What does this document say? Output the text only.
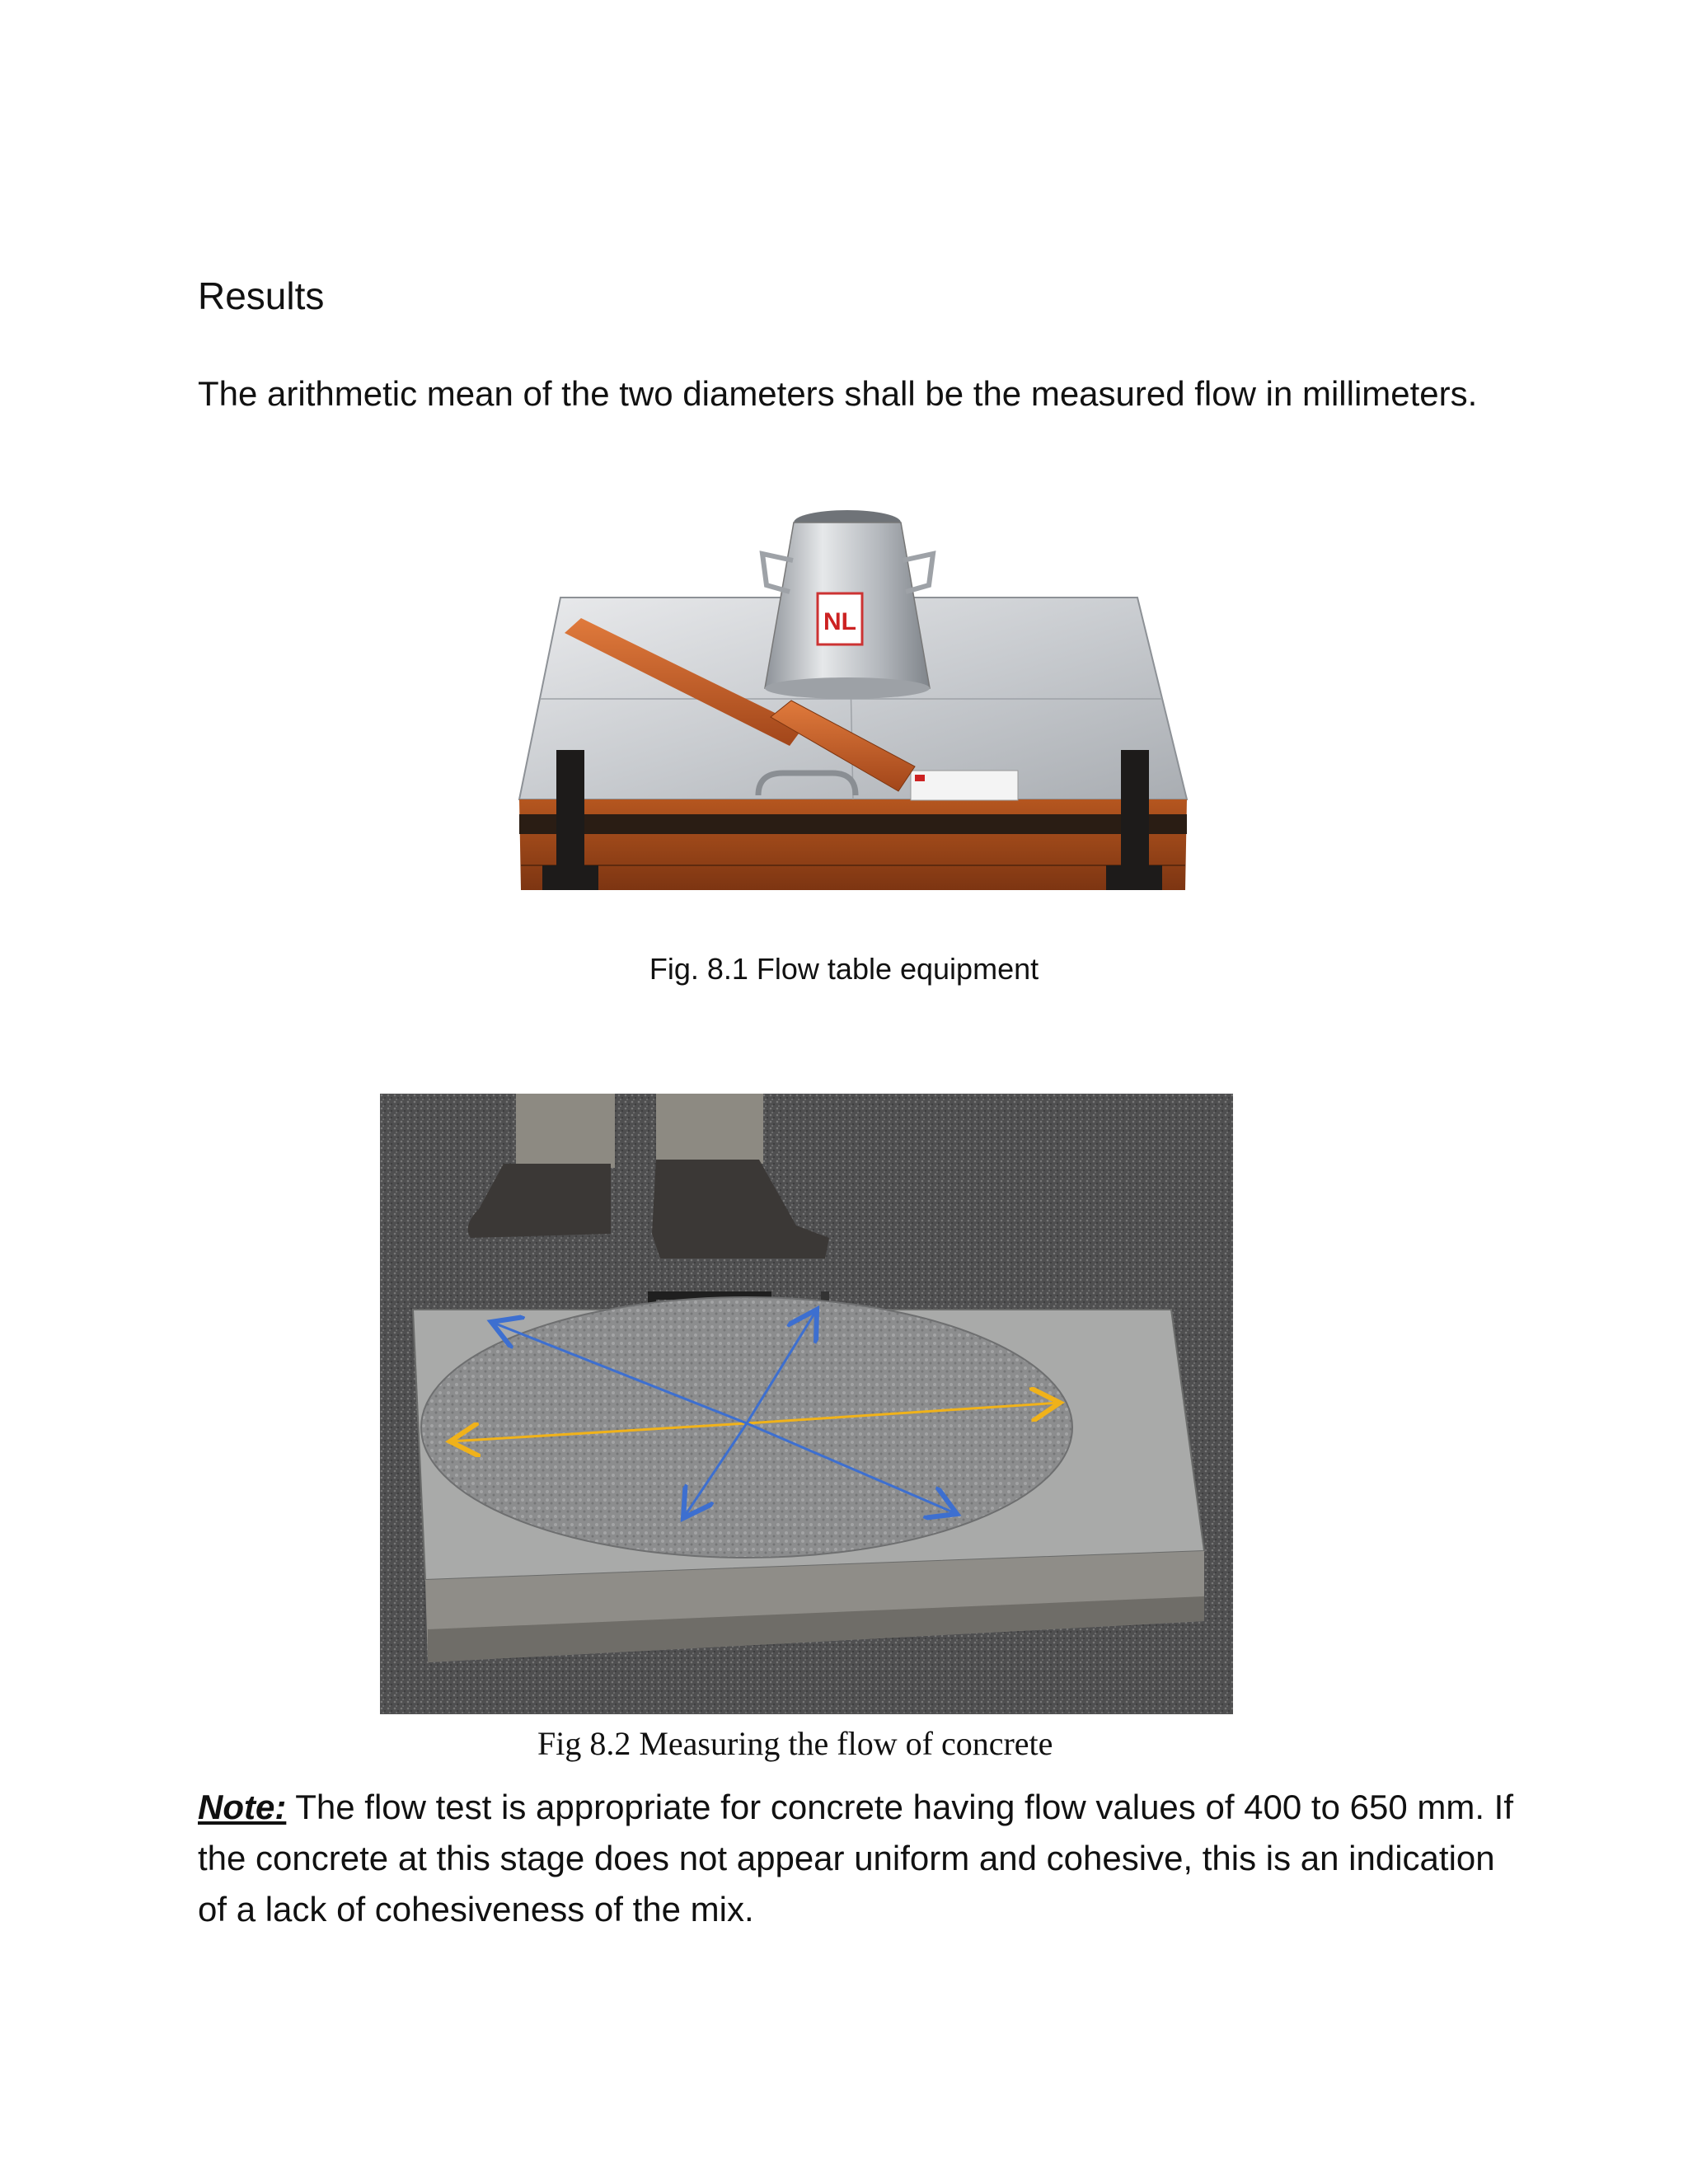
Results

The arithmetic mean of the two diameters shall be the measured flow in millimeters.

NL
Fig. 8.1 Flow table equipment
Fig 8.2 Measuring the flow of concrete

Note: The flow test is appropriate for concrete having flow values of 400 to 650 mm. If the concrete at this stage does not appear uniform and cohesive, this is an indication of a lack of cohesiveness of the mix.
